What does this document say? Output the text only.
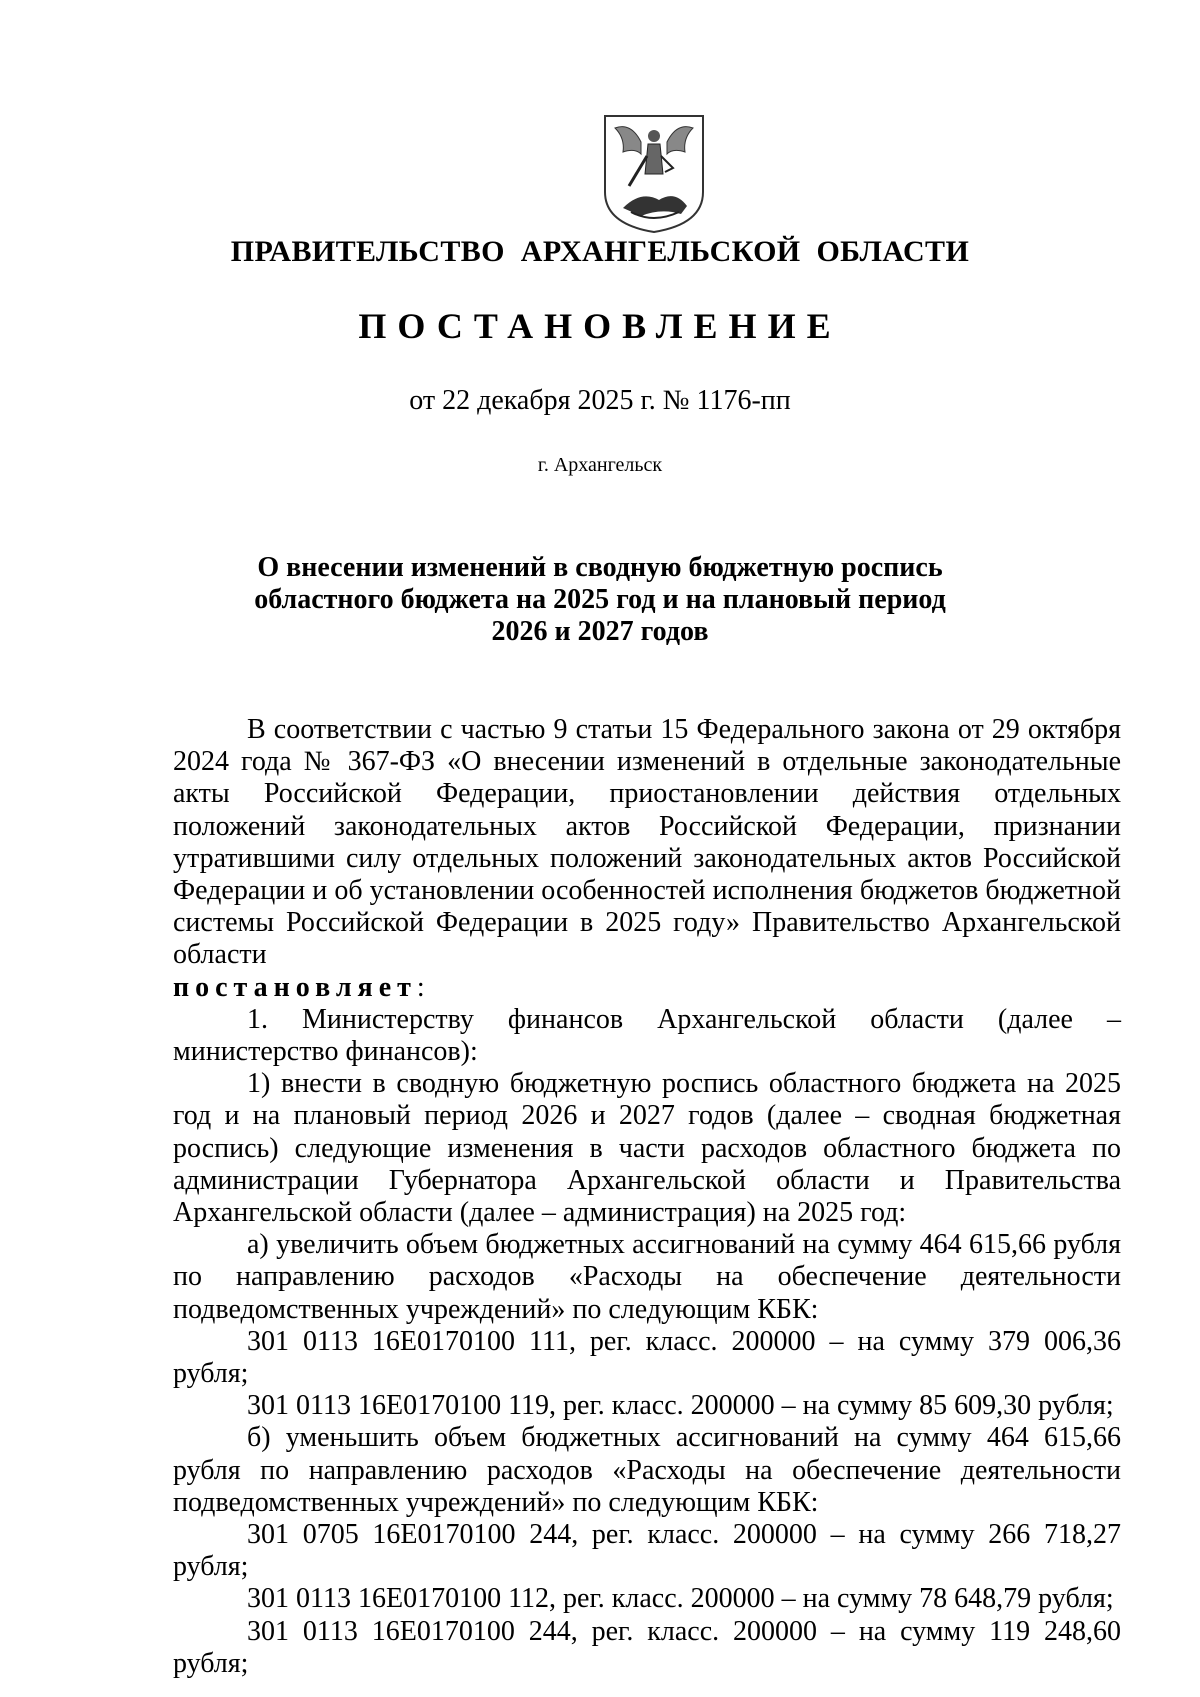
ПРАВИТЕЛЬСТВО АРХАНГЕЛЬСКОЙ ОБЛАСТИ
ПОСТАНОВЛЕНИЕ
от 22 декабря 2025 г. № 1176-пп
г. Архангельск
О внесении изменений в сводную бюджетную роспись
областного бюджета на 2025 год и на плановый период
2026 и 2027 годов

В соответствии с частью 9 статьи 15 Федерального закона от 29 октября 2024 года № 367-ФЗ «О внесении изменений в отдельные законодательные акты Российской Федерации, приостановлении действия отдельных положений законодательных актов Российской Федерации, признании утратившими силу отдельных положений законодательных актов Российской Федерации и об установлении особенностей исполнения бюджетов бюджетной системы Российской Федерации в 2025 году» Правительство Архангельской области

постановляет:

1. Министерству финансов Архангельской области (далее – министерство финансов):

1) внести в сводную бюджетную роспись областного бюджета на 2025 год и на плановый период 2026 и 2027 годов (далее – сводная бюджетная роспись) следующие изменения в части расходов областного бюджета по администрации Губернатора Архангельской области и Правительства Архангельской области (далее – администрация) на 2025 год:

а) увеличить объем бюджетных ассигнований на сумму 464 615,66 рубля по направлению расходов «Расходы на обеспечение деятельности подведомственных учреждений» по следующим КБК:

301 0113 16Е0170100 111, рег. класс. 200000 – на сумму 379 006,36 рубля;

301 0113 16Е0170100 119, рег. класс. 200000 – на сумму 85 609,30 рубля;

б) уменьшить объем бюджетных ассигнований на сумму 464 615,66 рубля по направлению расходов «Расходы на обеспечение деятельности подведомственных учреждений» по следующим КБК:

301 0705 16Е0170100 244, рег. класс. 200000 – на сумму 266 718,27 рубля;

301 0113 16Е0170100 112, рег. класс. 200000 – на сумму 78 648,79 рубля;

301 0113 16Е0170100 244, рег. класс. 200000 – на сумму 119 248,60 рубля;
